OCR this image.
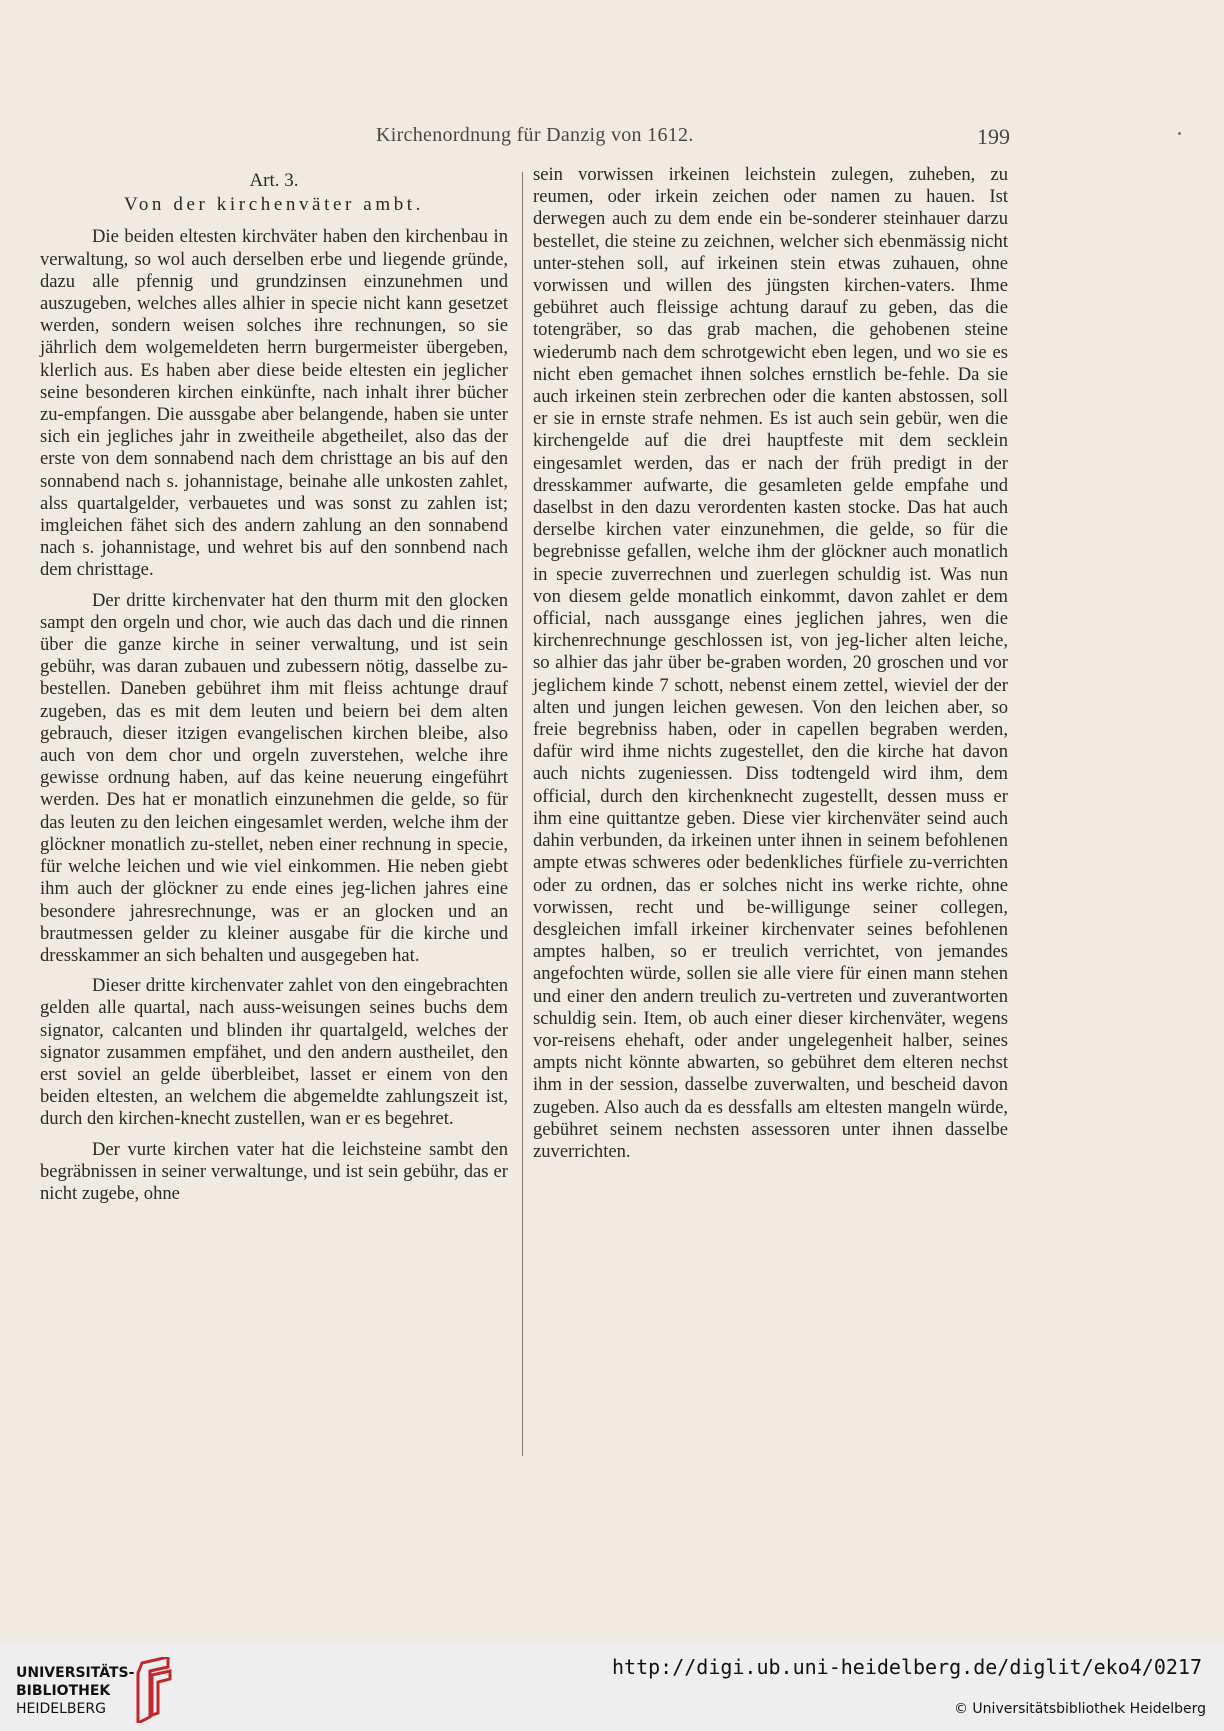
Kirchenordnung für Danzig von 1612.	199
Art. 3.
Von der kirchenväter ambt.

Die beiden eltesten kirchväter haben den kirchenbau in verwaltung, so wol auch derselben erbe und liegende gründe, dazu alle pfennig und grundzinsen einzunehmen und auszugeben, welches alles alhier in specie nicht kann gesetzet werden, sondern weisen solches ihre rechnungen, so sie jährlich dem wolgemeldeten herrn burgermeister übergeben, klerlich aus. Es haben aber diese beide eltesten ein jeglicher seine besonderen kirchen einkünfte, nach inhalt ihrer bücher zu-empfangen. Die aussgabe aber belangende, haben sie unter sich ein jegliches jahr in zweitheile abgetheilet, also das der erste von dem sonnabend nach dem christtage an bis auf den sonnabend nach s. johannistage, beinahe alle unkosten zahlet, alss quartalgelder, verbauetes und was sonst zu zahlen ist; imgleichen fähet sich des andern zahlung an den sonnabend nach s. johannistage, und wehret bis auf den sonnbend nach dem christtage.

Der dritte kirchenvater hat den thurm mit den glocken sampt den orgeln und chor, wie auch das dach und die rinnen über die ganze kirche in seiner verwaltung, und ist sein gebühr, was daran zubauen und zubessern nötig, dasselbe zu-bestellen. Daneben gebühret ihm mit fleiss achtunge drauf zugeben, das es mit dem leuten und beiern bei dem alten gebrauch, dieser itzigen evangelischen kirchen bleibe, also auch von dem chor und orgeln zuverstehen, welche ihre gewisse ordnung haben, auf das keine neuerung eingeführt werden. Des hat er monatlich einzunehmen die gelde, so für das leuten zu den leichen eingesamlet werden, welche ihm der glöckner monatlich zu-stellet, neben einer rechnung in specie, für welche leichen und wie viel einkommen. Hie neben giebt ihm auch der glöckner zu ende eines jeg-lichen jahres eine besondere jahresrechnunge, was er an glocken und an brautmessen gelder zu kleiner ausgabe für die kirche und dresskammer an sich behalten und ausgegeben hat.

Dieser dritte kirchenvater zahlet von den eingebrachten gelden alle quartal, nach auss-weisungen seines buchs dem signator, calcanten und blinden ihr quartalgeld, welches der signator zusammen empfähet, und den andern austheilet, den erst soviel an gelde überbleibet, lasset er einem von den beiden eltesten, an welchem die abgemeldte zahlungszeit ist, durch den kirchen-knecht zustellen, wan er es begehret.

Der vurte kirchen vater hat die leichsteine sambt den begräbnissen in seiner verwaltunge, und ist sein gebühr, das er nicht zugebe, ohne

sein vorwissen irkeinen leichstein zulegen, zuheben, zu reumen, oder irkein zeichen oder namen zu hauen. Ist derwegen auch zu dem ende ein be-sonderer steinhauer darzu bestellet, die steine zu zeichnen, welcher sich ebenmässig nicht unter-stehen soll, auf irkeinen stein etwas zuhauen, ohne vorwissen und willen des jüngsten kirchen-vaters. Ihme gebühret auch fleissige achtung darauf zu geben, das die totengräber, so das grab machen, die gehobenen steine wiederumb nach dem schrotgewicht eben legen, und wo sie es nicht eben gemachet ihnen solches ernstlich be-fehle. Da sie auch irkeinen stein zerbrechen oder die kanten abstossen, soll er sie in ernste strafe nehmen. Es ist auch sein gebür, wen die kirchengelde auf die drei hauptfeste mit dem secklein eingesamlet werden, das er nach der früh predigt in der dresskammer aufwarte, die gesamleten gelde empfahe und daselbst in den dazu verordenten kasten stocke. Das hat auch derselbe kirchen vater einzunehmen, die gelde, so für die begrebnisse gefallen, welche ihm der glöckner auch monatlich in specie zuverrechnen und zuerlegen schuldig ist. Was nun von diesem gelde monatlich einkommt, davon zahlet er dem official, nach aussgange eines jeglichen jahres, wen die kirchenrechnunge geschlossen ist, von jeg-licher alten leiche, so alhier das jahr über be-graben worden, 20 groschen und vor jeglichem kinde 7 schott, nebenst einem zettel, wieviel der der alten und jungen leichen gewesen. Von den leichen aber, so freie begrebniss haben, oder in capellen begraben werden, dafür wird ihme nichts zugestellet, den die kirche hat davon auch nichts zugeniessen. Diss todtengeld wird ihm, dem official, durch den kirchenknecht zugestellt, dessen muss er ihm eine quittantze geben. Diese vier kirchenväter seind auch dahin verbunden, da irkeinen unter ihnen in seinem befohlenen ampte etwas schweres oder bedenkliches fürfiele zu-verrichten oder zu ordnen, das er solches nicht ins werke richte, ohne vorwissen, recht und be-willigunge seiner collegen, desgleichen imfall irkeiner kirchenvater seines befohlenen amptes halben, so er treulich verrichtet, von jemandes angefochten würde, sollen sie alle viere für einen mann stehen und einer den andern treulich zu-vertreten und zuverantworten schuldig sein. Item, ob auch einer dieser kirchenväter, wegens vor-reisens ehehaft, oder ander ungelegenheit halber, seines ampts nicht könnte abwarten, so gebühret dem elteren nechst ihm in der session, dasselbe zuverwalten, und bescheid davon zugeben. Also auch da es dessfalls am eltesten mangeln würde, gebühret seinem nechsten assessoren unter ihnen dasselbe zuverrichten.

UNIVERSITÄTS-
BIBLIOTHEK
HEIDELBERG
http://digi.ub.uni-heidelberg.de/diglit/eko4/0217
© Universitätsbibliothek Heidelberg
